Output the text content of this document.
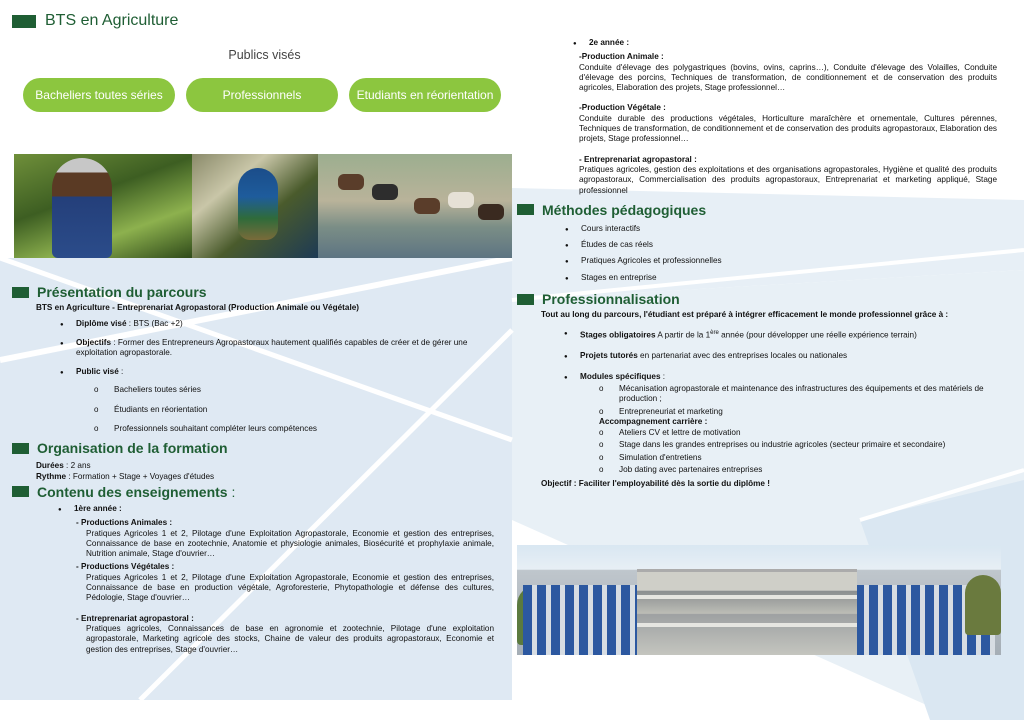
BTS en Agriculture
Publics visés
Bacheliers toutes séries	Professionnels	Etudiants en réorientation
Présentation du parcours
BTS en Agriculture - Entreprenariat Agropastoral (Production Animale ou Végétale)
● Diplôme visé : BTS (Bac +2)
● Objectifs : Former des Entrepreneurs Agropastoraux hautement qualifiés capables de créer et de gérer une exploitation agropastorale.
● Public visé :
o Bacheliers toutes séries
o Étudiants en réorientation
o Professionnels souhaitant compléter leurs compétences
Organisation de la formation
Durées : 2 ans
Rythme : Formation + Stage + Voyages d'études
Contenu des enseignements :
● 1ère année :
- Productions Animales :
Pratiques Agricoles 1 et 2, Pilotage d'une Exploitation Agropastorale, Economie et gestion des entreprises, Connaissance de base en zootechnie, Anatomie et physiologie animales, Biosécurité et prophylaxie animale, Nutrition animale, Stage d'ouvrier…
- Productions Végétales :
Pratiques Agricoles 1 et 2, Pilotage d'une Exploitation Agropastorale, Economie et gestion des entreprises, Connaissance de base en production végétale, Agroforesterie, Phytopathologie et défense des cultures, Pédologie, Stage d'ouvrier…
- Entreprenariat agropastoral :
Pratiques agricoles, Connaissances de base en agronomie et zootechnie, Pilotage d'une exploitation agropastorale, Marketing agricole des stocks, Chaine de valeur des produits agropastoraux, Economie et gestion des entreprises, Stage d'ouvrier…
● 2e année :
-Production Animale :
Conduite d'élevage des polygastriques (bovins, ovins, caprins…), Conduite d'élevage des Volailles, Conduite d'élevage des porcins, Techniques de transformation, de conditionnement et de conservation des produits agricoles, Elaboration des projets, Stage professionnel…
-Production Végétale :
Conduite durable des productions végétales, Horticulture maraîchère et ornementale, Cultures pérennes, Techniques de transformation, de conditionnement et de conservation des produits agropastoraux, Elaboration des projets, Stage professionnel…
- Entreprenariat agropastoral :
Pratiques agricoles, gestion des exploitations et des organisations agropastorales, Hygiène et qualité des produits agropastoraux, Commercialisation des produits agropastoraux, Entreprenariat et marketing appliqué, Stage professionnel
Méthodes pédagogiques
● Cours interactifs
● Études de cas réels
● Pratiques Agricoles et professionnelles
● Stages en entreprise
Professionnalisation
Tout au long du parcours, l'étudiant est préparé à intégrer efficacement le monde professionnel grâce à :
● Stages obligatoires A partir de la 1ère année (pour développer une réelle expérience terrain)
● Projets tutorés en partenariat avec des entreprises locales ou nationales
● Modules spécifiques :
o Mécanisation agropastorale et maintenance des infrastructures des équipements et des matériels de production ;
o Entrepreneuriat et marketing
Accompagnement carrière :
o Ateliers CV et lettre de motivation
o Stage dans les grandes entreprises ou industrie agricoles (secteur primaire et secondaire)
o Simulation d'entretiens
o Job dating avec partenaires entreprises
Objectif : Faciliter l'employabilité dès la sortie du diplôme !
